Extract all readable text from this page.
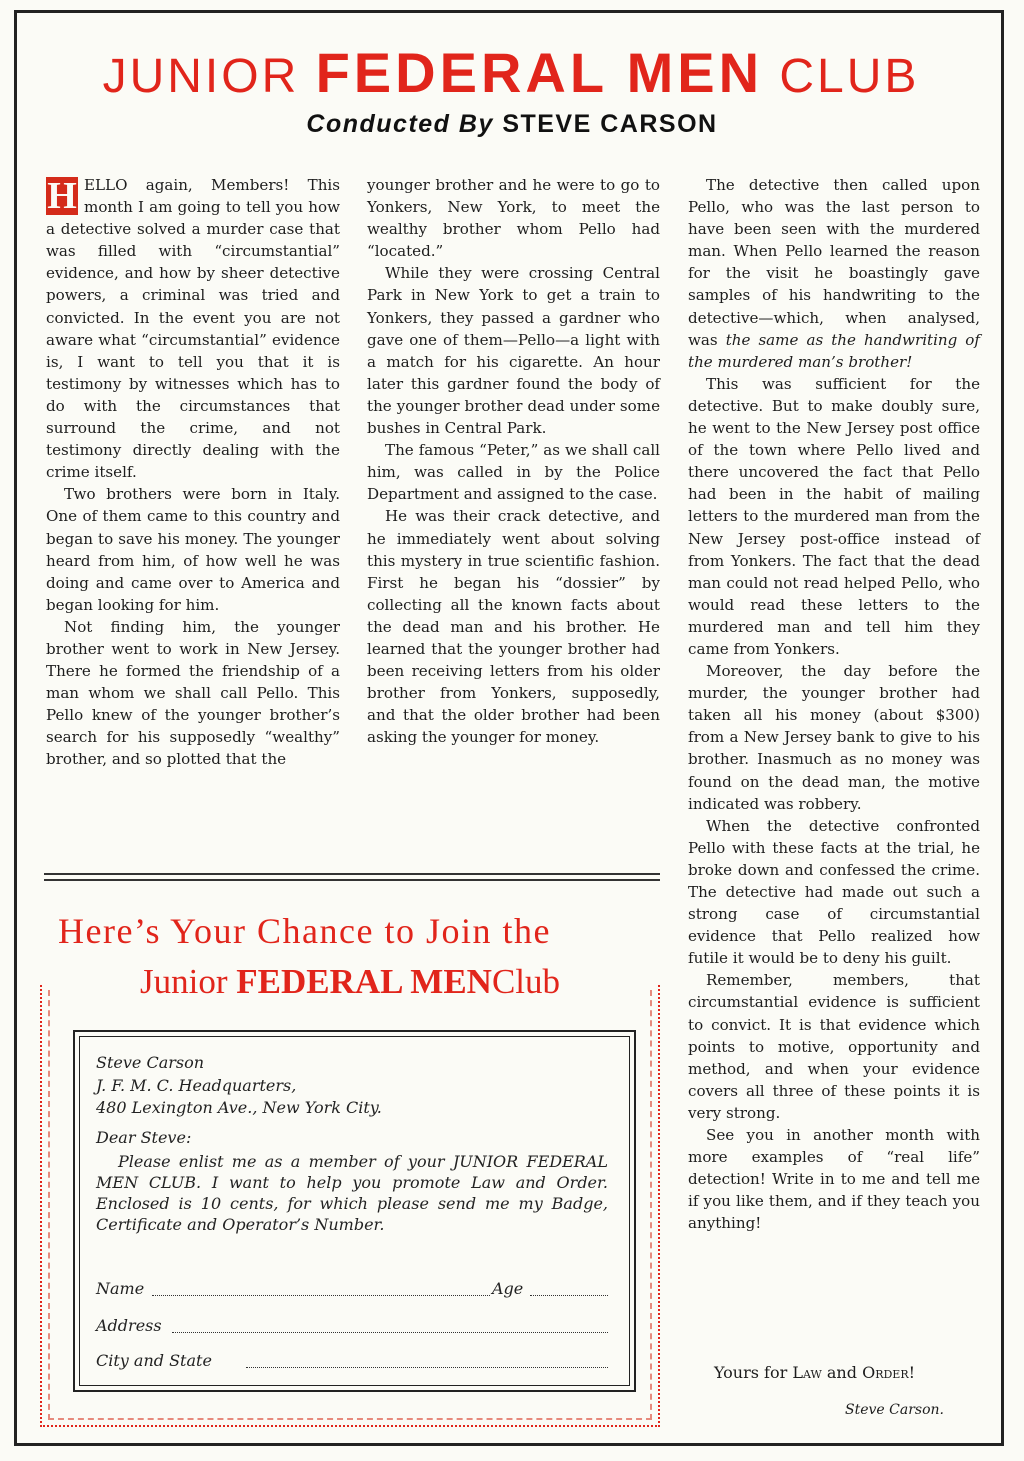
JUNIOR FEDERAL MEN CLUB
Conducted By STEVE CARSON
H ELLO again, Members! This month I am going to tell you how a detective solved a murder case that was filled with “circumstantial” evidence, and how by sheer detective powers, a criminal was tried and convicted. In the event you are not aware what “circumstantial” evidence is, I want to tell you that it is testimony by witnesses which has to do with the circumstances that surround the crime, and not testimony directly dealing with the crime itself.

Two brothers were born in Italy. One of them came to this country and began to save his money. The younger heard from him, of how well he was doing and came over to America and began looking for him.

Not finding him, the younger brother went to work in New Jersey. There he formed the friendship of a man whom we shall call Pello. This Pello knew of the younger brother’s search for his supposedly “wealthy” brother, and so plotted that the

younger brother and he were to go to Yonkers, New York, to meet the wealthy brother whom Pello had “located.”

While they were crossing Central Park in New York to get a train to Yonkers, they passed a gardner who gave one of them—Pello—a light with a match for his cigarette. An hour later this gardner found the body of the younger brother dead under some bushes in Central Park.

The famous “Peter,” as we shall call him, was called in by the Police Department and assigned to the case.

He was their crack detective, and he immediately went about solving this mystery in true scientific fashion. First he began his “dossier” by collecting all the known facts about the dead man and his brother. He learned that the younger brother had been receiving letters from his older brother from Yonkers, supposedly, and that the older brother had been asking the younger for money.

The detective then called upon Pello, who was the last person to have been seen with the murdered man. When Pello learned the reason for the visit he boastingly gave samples of his handwriting to the detective—which, when analysed, was the same as the handwriting of the murdered man’s brother!

This was sufficient for the detective. But to make doubly sure, he went to the New Jersey post office of the town where Pello lived and there uncovered the fact that Pello had been in the habit of mailing letters to the murdered man from the New Jersey post-office instead of from Yonkers. The fact that the dead man could not read helped Pello, who would read these letters to the murdered man and tell him they came from Yonkers.

Moreover, the day before the murder, the younger brother had taken all his money (about $300) from a New Jersey bank to give to his brother. Inasmuch as no money was found on the dead man, the motive indicated was robbery.

When the detective confronted Pello with these facts at the trial, he broke down and confessed the crime. The detective had made out such a strong case of circumstantial evidence that Pello realized how futile it would be to deny his guilt.

Remember, members, that circumstantial evidence is sufficient to convict. It is that evidence which points to motive, opportunity and method, and when your evidence covers all three of these points it is very strong.

See you in another month with more examples of “real life” detection! Write in to me and tell me if you like them, and if they teach you anything!

Yours for Law and Order!
Steve Carson.
Here’s Your Chance to Join the
Junior FEDERAL MENClub
Steve Carson
J. F. M. C. Headquarters,
480 Lexington Ave., New York City.
Dear Steve:
Please enlist me as a member of your JUNIOR FEDERAL MEN CLUB. I want to help you promote Law and Order. Enclosed is 10 cents, for which please send me my Badge, Certificate and Operator’s Number.
Name	Age
Address
City and State
